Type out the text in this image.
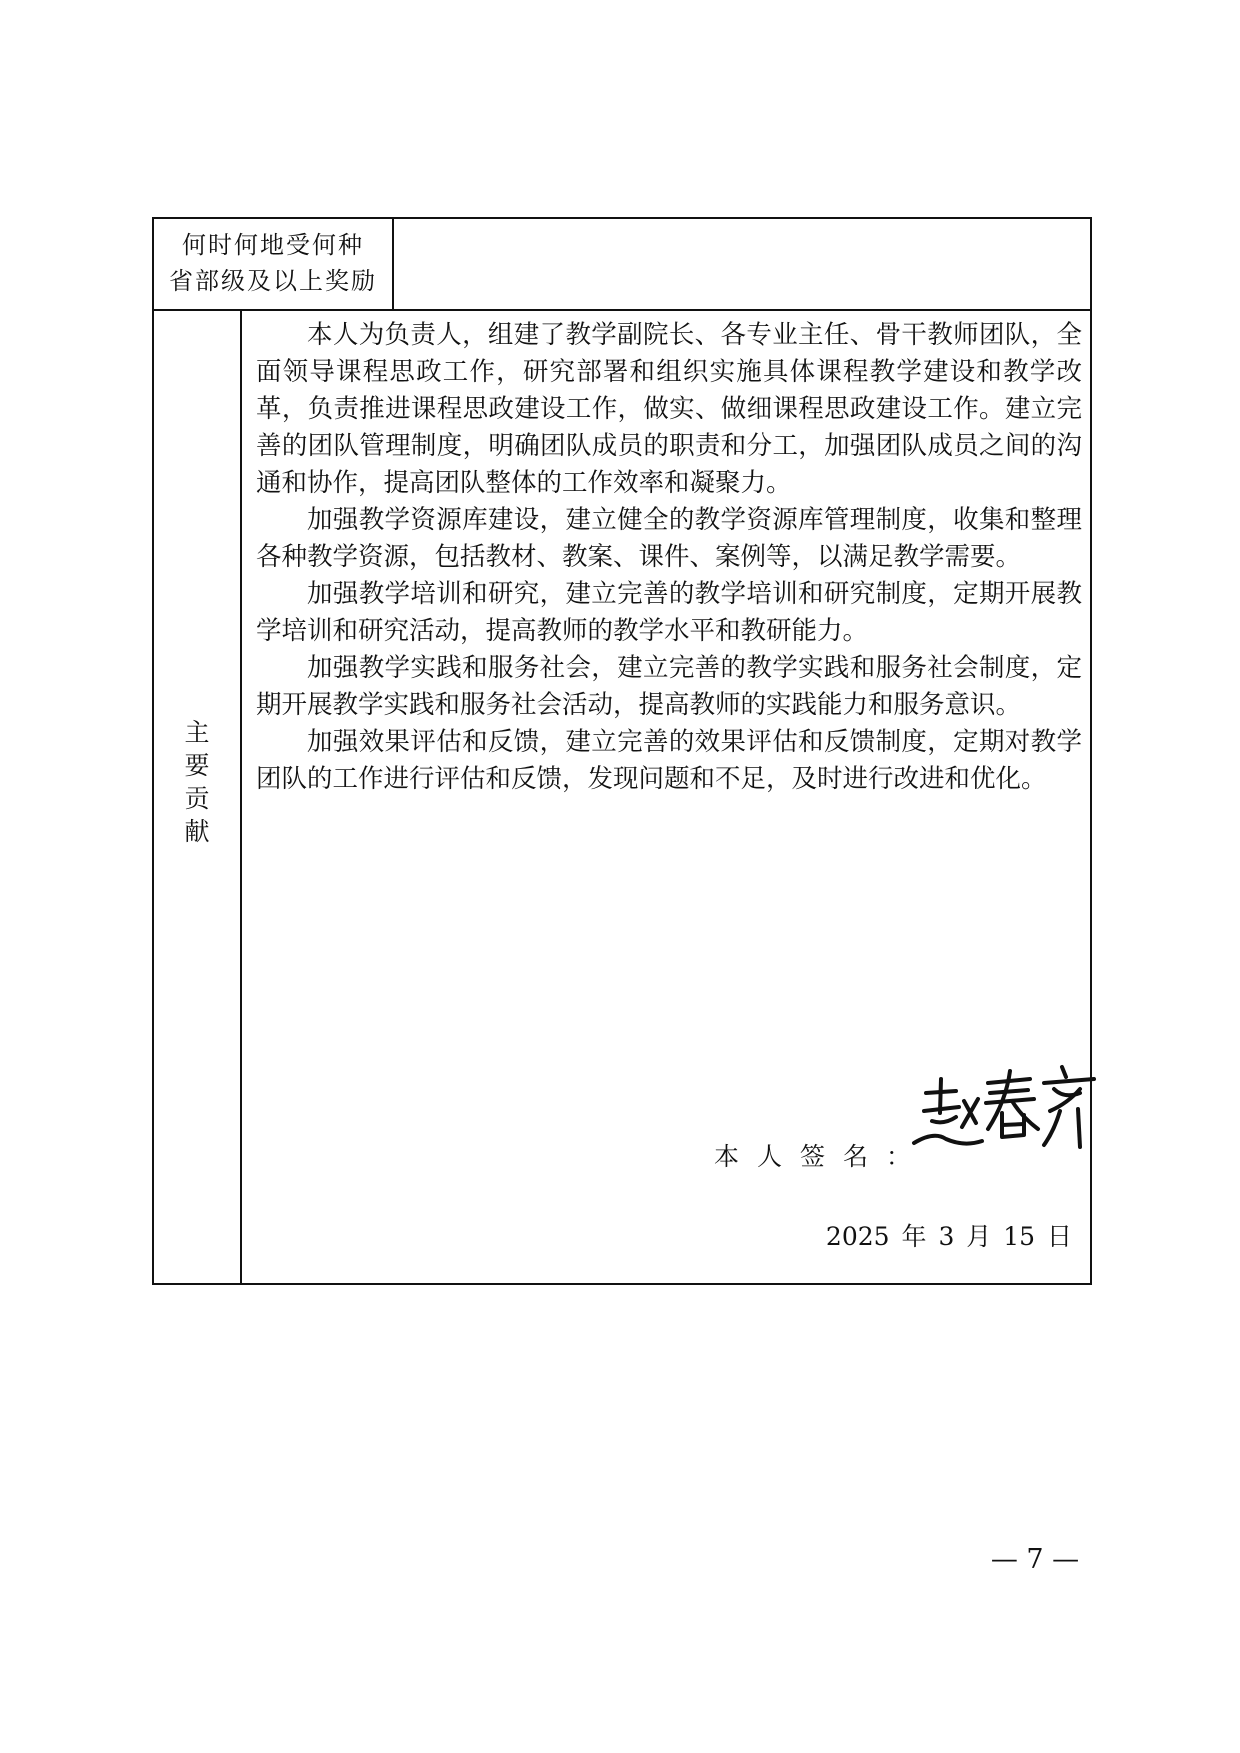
何时何地受何种
省部级及以上奖励
主
要
贡
献

本人为负责人，组建了教学副院长、各专业主任、骨干教师团队，全面领导课程思政工作，研究部署和组织实施具体课程教学建设和教学改革，负责推进课程思政建设工作，做实、做细课程思政建设工作。建立完善的团队管理制度，明确团队成员的职责和分工，加强团队成员之间的沟通和协作，提高团队整体的工作效率和凝聚力。

加强教学资源库建设，建立健全的教学资源库管理制度，收集和整理各种教学资源，包括教材、教案、课件、案例等，以满足教学需要。

加强教学培训和研究，建立完善的教学培训和研究制度，定期开展教学培训和研究活动，提高教师的教学水平和教研能力。

加强教学实践和服务社会，建立完善的教学实践和服务社会制度，定期开展教学实践和服务社会活动，提高教师的实践能力和服务意识。

加强效果评估和反馈，建立完善的效果评估和反馈制度，定期对教学团队的工作进行评估和反馈，发现问题和不足，及时进行改进和优化。

本人签名：
2025 年 3 月 15 日
— 7 —
